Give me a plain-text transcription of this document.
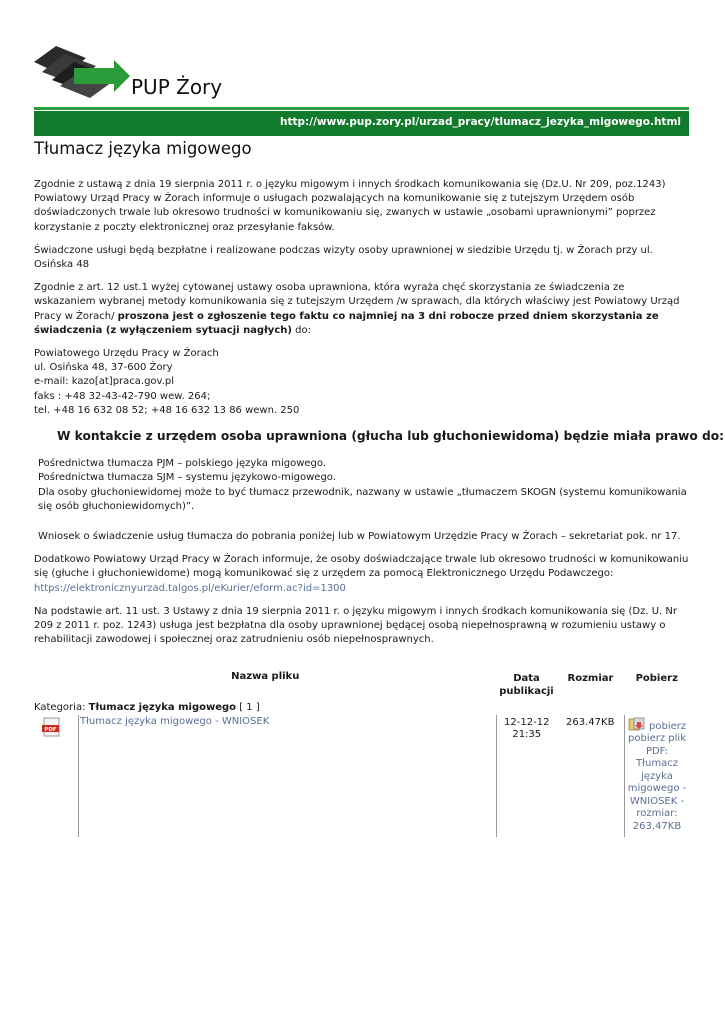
PUP Żory
http://www.pup.zory.pl/urzad_pracy/tlumacz_jezyka_migowego.html
Tłumacz języka migowego

Zgodnie z ustawą z dnia 19 sierpnia 2011 r. o języku migowym i innych środkach komunikowania się (Dz.U. Nr 209, poz.1243) Powiatowy Urząd Pracy w Żorach informuje o usługach pozwalających na komunikowanie się z tutejszym Urzędem osób doświadczonych trwale lub okresowo trudności w komunikowaniu się, zwanych w ustawie „osobami uprawnionymi” poprzez korzystanie z poczty elektronicznej oraz przesyłanie faksów.

Świadczone usługi będą bezpłatne i realizowane podczas wizyty osoby uprawnionej w siedzibie Urzędu tj. w Żorach przy ul. Osińska 48

Zgodnie z art. 12 ust.1 wyżej cytowanej ustawy osoba uprawniona, która wyraża chęć skorzystania ze świadczenia ze wskazaniem wybranej metody komunikowania się z tutejszym Urzędem /w sprawach, dla których właściwy jest Powiatowy Urząd Pracy w Żorach/ proszona jest o zgłoszenie tego faktu co najmniej na 3 dni robocze przed dniem skorzystania ze świadczenia (z wyłączeniem sytuacji nagłych) do:

Powiatowego Urzędu Pracy w Żorach
ul. Osińska 48, 37-600 Żory
e-mail: kazo[at]praca.gov.pl
faks : +48 32-43-42-790 wew. 264;
tel. +48 16 632 08 52; +48 16 632 13 86 wewn. 250

W kontakcie z urzędem osoba uprawniona (głucha lub głuchoniewidoma) będzie miała prawo do:

Pośrednictwa tłumacza PJM – polskiego języka migowego.
Pośrednictwa tłumacza SJM – systemu językowo-migowego.
Dla osoby głuchoniewidomej może to być tłumacz przewodnik, nazwany w ustawie „tłumaczem SKOGN (systemu komunikowania się osób głuchoniewidomych)”.

Wniosek o świadczenie usług tłumacza do pobrania poniżej lub w Powiatowym Urzędzie Pracy w Żorach – sekretariat pok. nr 17.

Dodatkowo Powiatowy Urząd Pracy w Żorach informuje, że osoby doświadczające trwale lub okresowo trudności w komunikowaniu się (głuche i głuchoniewidome) mogą komunikować się z urzędem za pomocą Elektronicznego Urzędu Podawczego:
https://elektronicznyurzad.talgos.pl/eKurier/eform.ac?id=1300

Na podstawie art. 11 ust. 3 Ustawy z dnia 19 sierpnia 2011 r. o języku migowym i innych środkach komunikowania się (Dz. U. Nr 209 z 2011 r. poz. 1243) usługa jest bezpłatna dla osoby uprawnionej będącej osobą niepełnosprawną w rozumieniu ustawy o rehabilitacji zawodowej i społecznej oraz zatrudnieniu osób niepełnosprawnych.

Nazwa pliku		Data publikacji	Rozmiar	Pobierz
Kategoria: Tłumacz języka migowego [ 1 ]				

PDF	Tłumacz języka migowego - WNIOSEK	12-12-12 21:35	263.47KB	pobierz
pobierz plik PDF: Tłumacz języka migowego - WNIOSEK - rozmiar: 263.47KB
